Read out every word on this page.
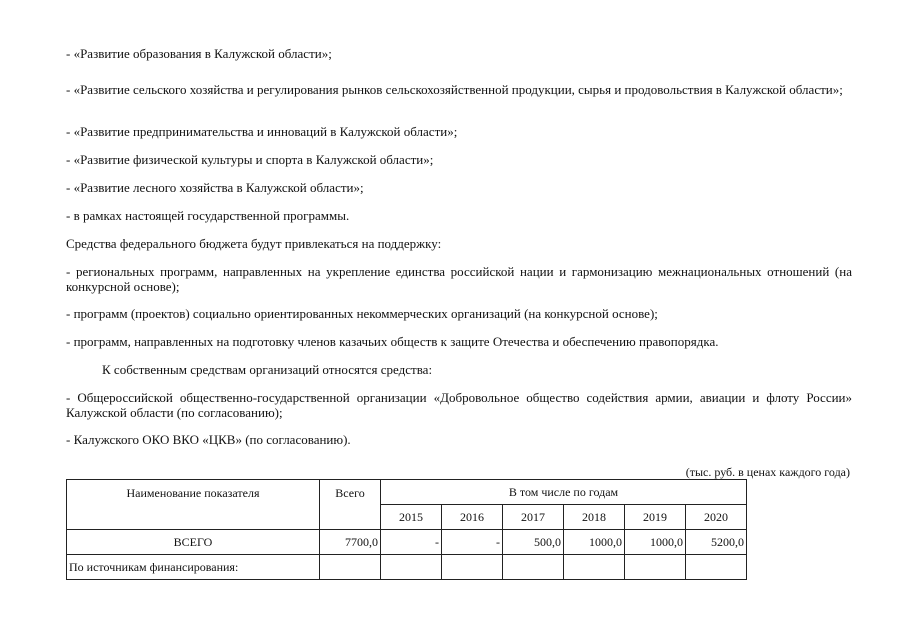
- «Развитие образования в Калужской области»;

- «Развитие сельского хозяйства и регулирования рынков сельскохозяйственной продукции, сырья и продовольствия в Калужской области»;

- «Развитие предпринимательства и инноваций в Калужской области»;

- «Развитие физической культуры и спорта в Калужской области»;

- «Развитие лесного хозяйства в Калужской области»;

- в рамках настоящей государственной программы.

Средства федерального бюджета будут привлекаться на поддержку:

- региональных программ, направленных на укрепление единства российской нации и гармонизацию межнациональных отношений (на конкурсной основе);

- программ (проектов) социально ориентированных некоммерческих организаций (на конкурсной основе);

- программ, направленных на подготовку членов казачьих обществ к защите Отечества и обеспечению правопорядка.

К собственным средствам организаций относятся средства:

- Общероссийской общественно-государственной организации «Добровольное общество содействия армии, авиации и флоту России» Калужской области (по согласованию);

- Калужского ОКО ВКО «ЦКВ» (по согласованию).

(тыс. руб. в ценах каждого года)
Наименование показателя	Всего	В том числе по годам					
		2015	2016	2017	2018	2019	2020
ВСЕГО	7700,0	-	-	500,0	1000,0	1000,0	5200,0
По источникам финансирования:							
